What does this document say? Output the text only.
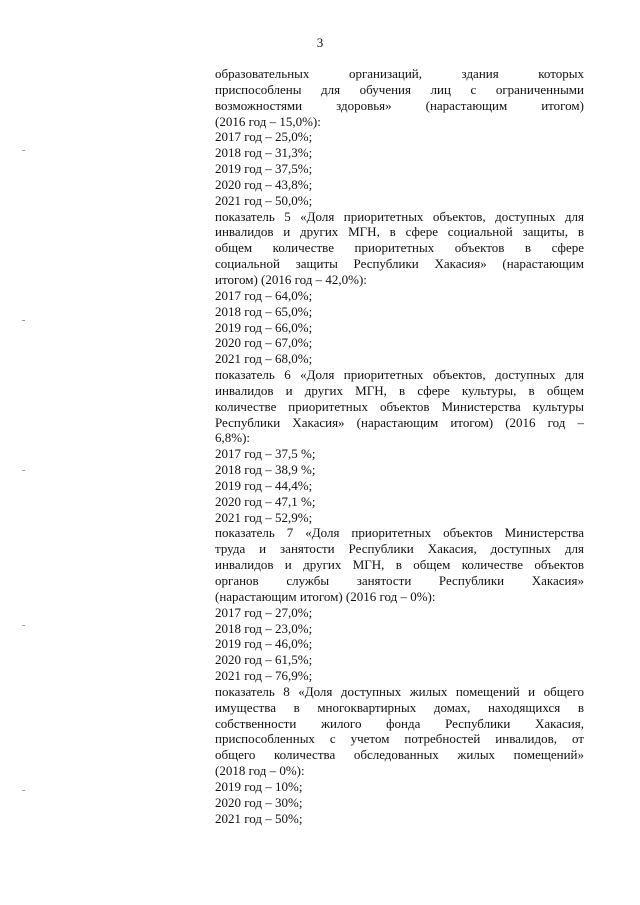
3
образовательных организаций, здания которых
приспособлены для обучения лиц с ограниченными
возможностями здоровья» (нарастающим итогом)
(2016 год – 15,0%):
2017 год – 25,0%;
2018 год – 31,3%;
2019 год – 37,5%;
2020 год – 43,8%;
2021 год – 50,0%;
показатель 5 «Доля приоритетных объектов, доступных для
инвалидов и других МГН, в сфере социальной защиты, в
общем количестве приоритетных объектов в сфере
социальной защиты Республики Хакасия» (нарастающим
итогом) (2016 год – 42,0%):
2017 год – 64,0%;
2018 год – 65,0%;
2019 год – 66,0%;
2020 год – 67,0%;
2021 год – 68,0%;
показатель 6 «Доля приоритетных объектов, доступных для
инвалидов и других МГН, в сфере культуры, в общем
количестве приоритетных объектов Министерства культуры
Республики Хакасия» (нарастающим итогом) (2016 год –
6,8%):
2017 год – 37,5 %;
2018 год – 38,9 %;
2019 год – 44,4%;
2020 год – 47,1 %;
2021 год – 52,9%;
показатель 7 «Доля приоритетных объектов Министерства
труда и занятости Республики Хакасия, доступных для
инвалидов и других МГН, в общем количестве объектов
органов службы занятости Республики Хакасия»
(нарастающим итогом) (2016 год – 0%):
2017 год – 27,0%;
2018 год – 23,0%;
2019 год – 46,0%;
2020 год – 61,5%;
2021 год – 76,9%;
показатель 8 «Доля доступных жилых помещений и общего
имущества в многоквартирных домах, находящихся в
собственности жилого фонда Республики Хакасия,
приспособленных с учетом потребностей инвалидов, от
общего количества обследованных жилых помещений»
(2018 год – 0%):
2019 год – 10%;
2020 год – 30%;
2021 год – 50%;
